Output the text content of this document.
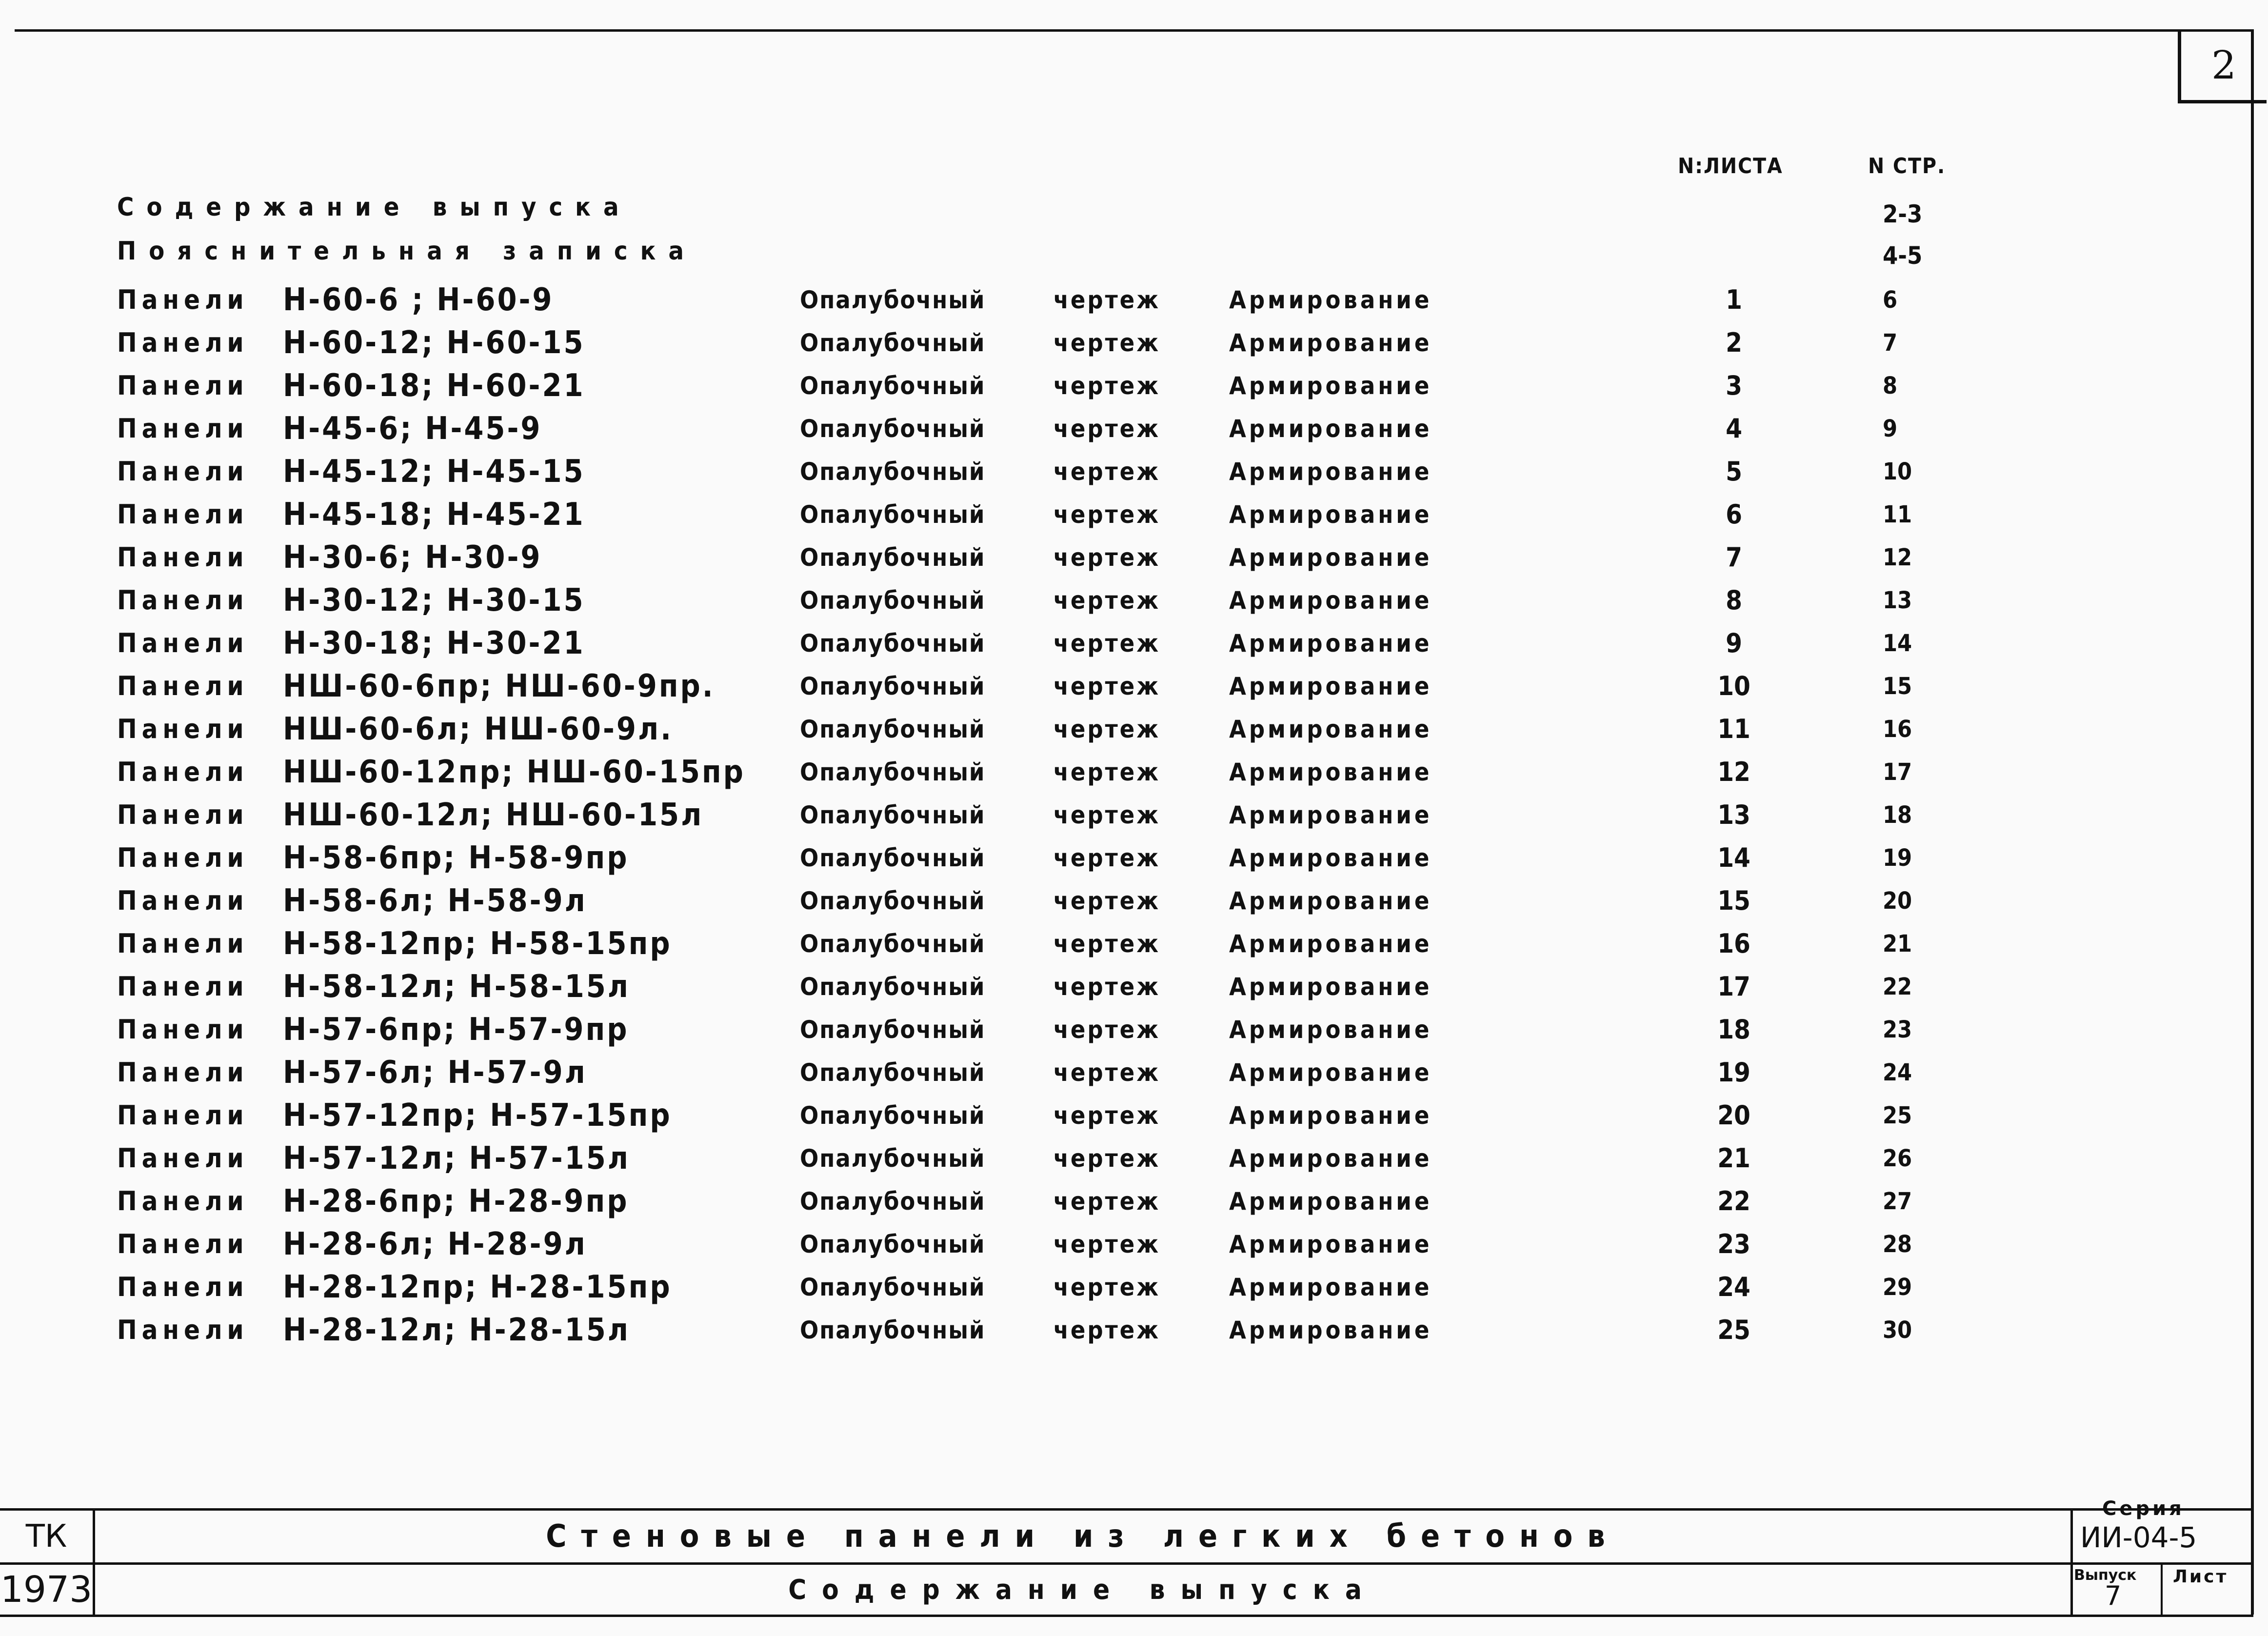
2
N:ЛИСТА	N СТР.
Содержание выпуска	2-3
Пояснительная записка	4-5
Панели Н-60-6 ; Н-60-9	Опалубочный	чертеж	Армирование	1	6
Панели Н-60-12; Н-60-15	Опалубочный	чертеж	Армирование	2	7
Панели Н-60-18; Н-60-21	Опалубочный	чертеж	Армирование	3	8
Панели Н-45-6; Н-45-9	Опалубочный	чертеж	Армирование	4	9
Панели Н-45-12; Н-45-15	Опалубочный	чертеж	Армирование	5	10
Панели Н-45-18; Н-45-21	Опалубочный	чертеж	Армирование	6	11
Панели Н-30-6; Н-30-9	Опалубочный	чертеж	Армирование	7	12
Панели Н-30-12; Н-30-15	Опалубочный	чертеж	Армирование	8	13
Панели Н-30-18; Н-30-21	Опалубочный	чертеж	Армирование	9	14
Панели НШ-60-6пр; НШ-60-9пр.	Опалубочный	чертеж	Армирование	10	15
Панели НШ-60-6л; НШ-60-9л.	Опалубочный	чертеж	Армирование	11	16
Панели НШ-60-12пр; НШ-60-15пр Опалубочный	чертеж	Армирование	12	17
Панели НШ-60-12л; НШ-60-15л	Опалубочный	чертеж	Армирование	13	18
Панели Н-58-6пр; Н-58-9пр	Опалубочный	чертеж	Армирование	14	19
Панели Н-58-6л; Н-58-9л	Опалубочный	чертеж	Армирование	15	20
Панели Н-58-12пр; Н-58-15пр	Опалубочный	чертеж	Армирование	16	21
Панели Н-58-12л; Н-58-15л	Опалубочный	чертеж	Армирование	17	22
Панели Н-57-6пр; Н-57-9пр	Опалубочный	чертеж	Армирование	18	23
Панели Н-57-6л; Н-57-9л	Опалубочный	чертеж	Армирование	19	24
Панели Н-57-12пр; Н-57-15пр	Опалубочный	чертеж	Армирование	20	25
Панели Н-57-12л; Н-57-15л	Опалубочный	чертеж	Армирование	21	26
Панели Н-28-6пр; Н-28-9пр	Опалубочный	чертеж	Армирование	22	27
Панели Н-28-6л; Н-28-9л	Опалубочный	чертеж	Армирование	23	28
Панели Н-28-12пр; Н-28-15пр	Опалубочный	чертеж	Армирование	24	29
Панели Н-28-12л; Н-28-15л	Опалубочный	чертеж	Армирование	25	30
ТК
1973
Стеновые панели из легких бетонов
Содержание выпуска
Серия
ИИ-04-5
Выпуск
7
Лист
